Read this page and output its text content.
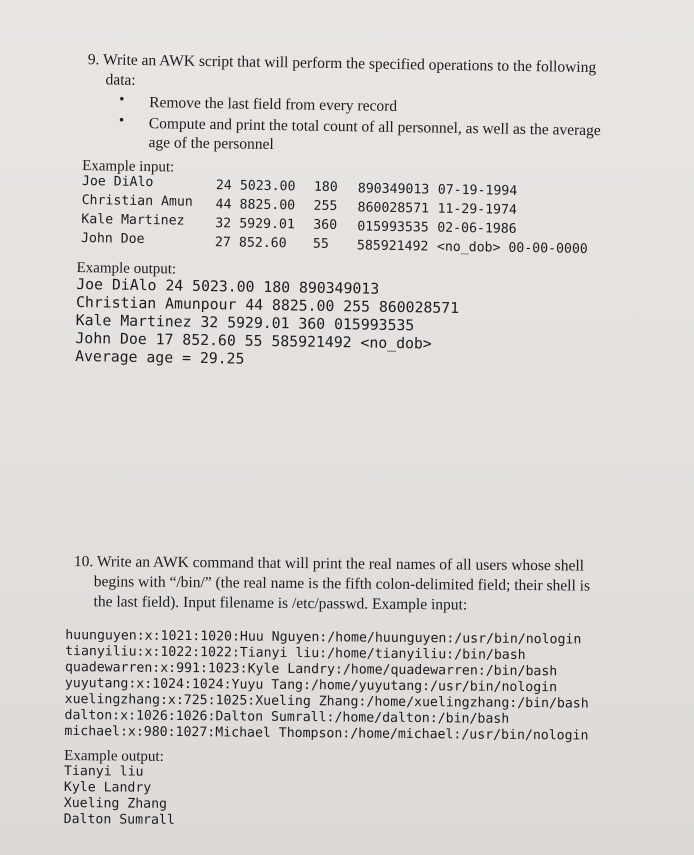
9. Write an AWK script that will perform the specified operations to the following
data:
• Remove the last field from every record
• Compute and print the total count of all personnel, as well as the average
age of the personnel
Example input:
Joe DiAlo	24 5023.00 180 890349013 07-19-1994
Christian Amun 44 8825.00 255 860028571 11-29-1974
Kale Martinez 32 5929.01 360 015993535 02-06-1986
John Doe	27 852.60 55 585921492 <no_dob> 00-00-0000
Example output:
Joe DiAlo 24 5023.00 180 890349013
Christian Amunpour 44 8825.00 255 860028571
Kale Martinez 32 5929.01 360 015993535
John Doe 17 852.60 55 585921492 <no_dob>
Average age = 29.25
10. Write an AWK command that will print the real names of all users whose shell
begins with “/bin/” (the real name is the fifth colon-delimited field; their shell is
the last field). Input filename is /etc/passwd. Example input:
huunguyen:x:1021:1020:Huu Nguyen:/home/huunguyen:/usr/bin/nologin
tianyiliu:x:1022:1022:Tianyi liu:/home/tianyiliu:/bin/bash
quadewarren:x:991:1023:Kyle Landry:/home/quadewarren:/bin/bash
yuyutang:x:1024:1024:Yuyu Tang:/home/yuyutang:/usr/bin/nologin
xuelingzhang:x:725:1025:Xueling Zhang:/home/xuelingzhang:/bin/bash
dalton:x:1026:1026:Dalton Sumrall:/home/dalton:/bin/bash
michael:x:980:1027:Michael Thompson:/home/michael:/usr/bin/nologin
Example output:
Tianyi liu
Kyle Landry
Xueling Zhang
Dalton Sumrall
